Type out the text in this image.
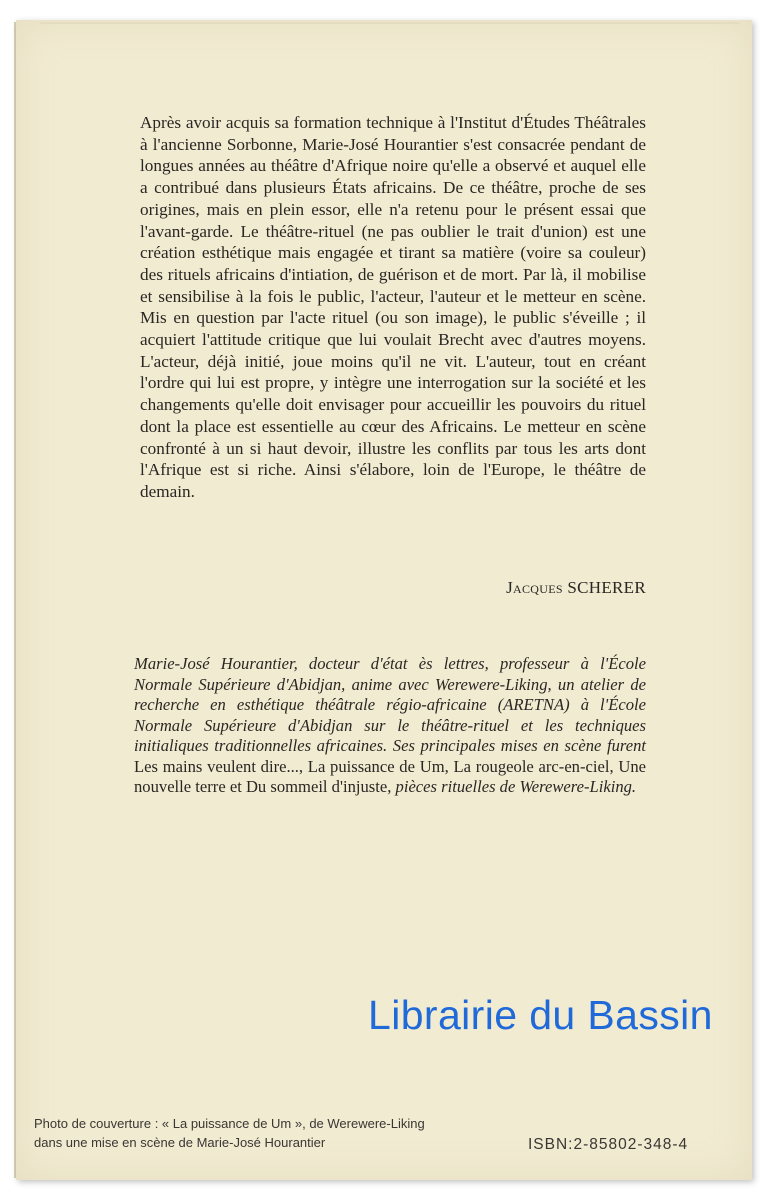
Après avoir acquis sa formation technique à l'Institut d'Études Théâtrales à l'ancienne Sorbonne, Marie-José Hourantier s'est consacrée pendant de longues années au théâtre d'Afrique noire qu'elle a observé et auquel elle a contribué dans plusieurs États africains. De ce théâtre, proche de ses origines, mais en plein essor, elle n'a retenu pour le présent essai que l'avant-garde. Le théâtre-rituel (ne pas oublier le trait d'union) est une création esthétique mais engagée et tirant sa matière (voire sa couleur) des rituels africains d'intiation, de guérison et de mort. Par là, il mobilise et sensibilise à la fois le public, l'acteur, l'auteur et le metteur en scène. Mis en question par l'acte rituel (ou son image), le public s'éveille ; il acquiert l'attitude critique que lui voulait Brecht avec d'autres moyens. L'acteur, déjà initié, joue moins qu'il ne vit. L'auteur, tout en créant l'ordre qui lui est propre, y intègre une interrogation sur la société et les changements qu'elle doit envisager pour accueillir les pouvoirs du rituel dont la place est essentielle au cœur des Africains. Le metteur en scène confronté à un si haut devoir, illustre les conflits par tous les arts dont l'Afrique est si riche. Ainsi s'élabore, loin de l'Europe, le théâtre de demain.

Jacques SCHERER

Marie-José Hourantier, docteur d'état ès lettres, professeur à l'École Normale Supérieure d'Abidjan, anime avec Werewere-Liking, un atelier de recherche en esthétique théâtrale régio-africaine (ARETNA) à l'École Normale Supérieure d'Abidjan sur le théâtre-rituel et les techniques initialiques traditionnelles africaines. Ses principales mises en scène furent Les mains veulent dire..., La puissance de Um, La rougeole arc-en-ciel, Une nouvelle terre et Du sommeil d'injuste, pièces rituelles de Werewere-Liking.

Librairie du Bassin
Photo de couverture : « La puissance de Um », de Werewere-Liking
dans une mise en scène de Marie-José Hourantier	ISBN:2-85802-348-4
